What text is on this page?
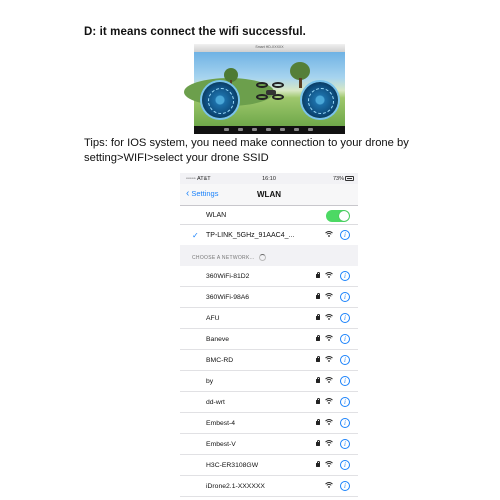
D: it means connect the wifi successful.
Smart HD-XXXXX
Tips: for IOS system, you need make connection to your drone by setting>WIFI>select your drone SSID
◦◦◦◦◦ AT&T	16:10	73%
‹ Settings	WLAN
WLAN
✓ TP-LINK_5GHz_91AAC4_...	i
CHOOSE A NETWORK...
360WiFi-81D2	i
360WiFi-98A6	i
AFU	i
Baneve	i
BMC-RD	i
by	i
dd-wrt	i
Embest-4	i
Embest-V	i
H3C-ER3108GW	i
iDrone2.1-XXXXXX	i
